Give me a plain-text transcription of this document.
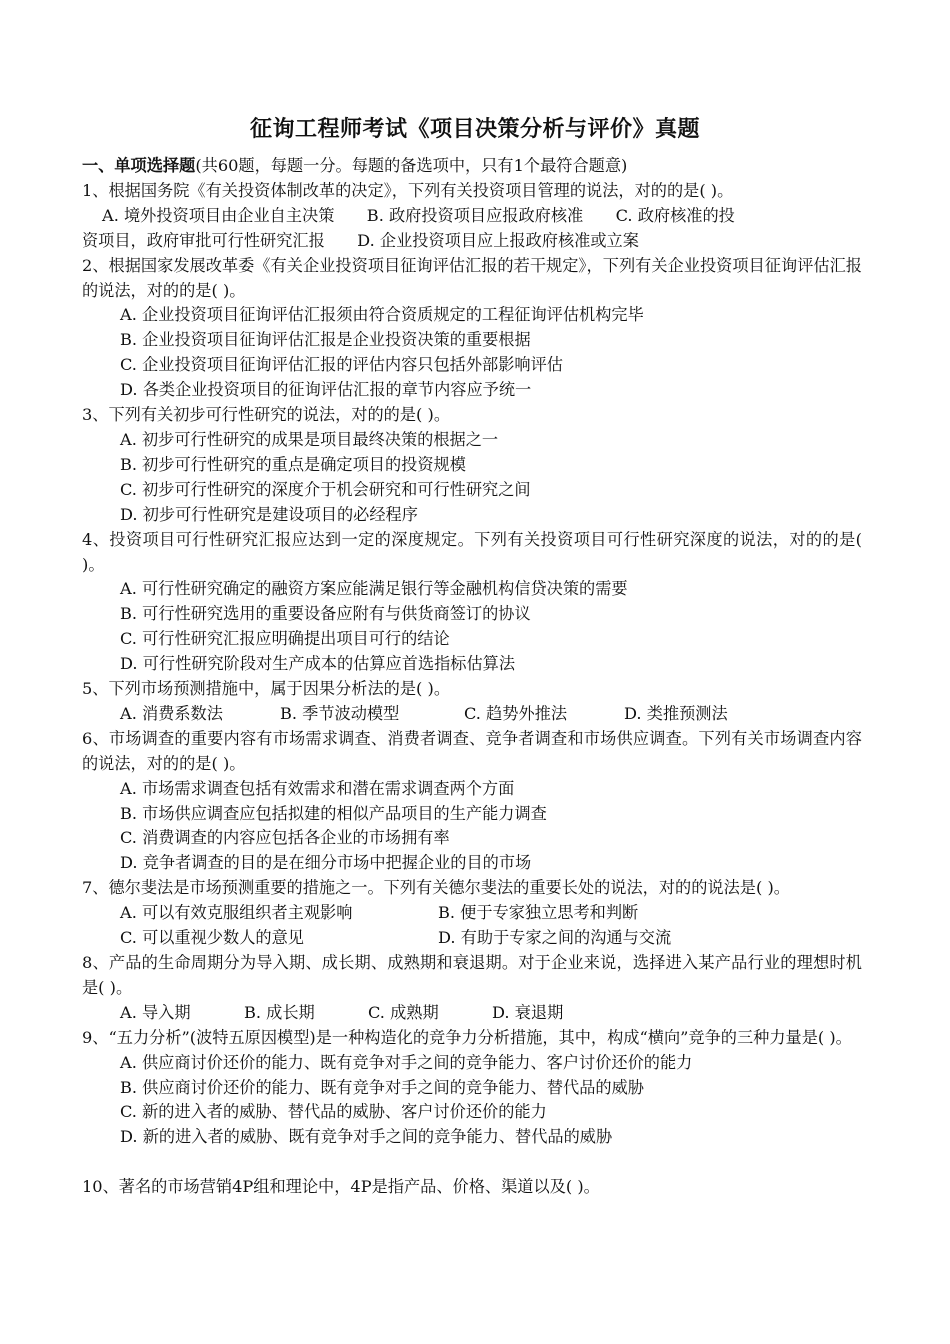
征询工程师考试《项目决策分析与评价》真题
一、单项选择题(共60题，每题一分。每题的备选项中，只有1个最符合题意)
1、根据国务院《有关投资体制改革的决定》，下列有关投资项目管理的说法，对的的是( )。
A. 境外投资项目由企业自主决策　　B. 政府投资项目应报政府核准　　C. 政府核准的投
资项目，政府审批可行性研究汇报　　D. 企业投资项目应上报政府核准或立案
2、根据国家发展改革委《有关企业投资项目征询评估汇报的若干规定》，下列有关企业投资项目征询评估汇报的说法，对的的是( )。
A. 企业投资项目征询评估汇报须由符合资质规定的工程征询评估机构完毕
B. 企业投资项目征询评估汇报是企业投资决策的重要根据
C. 企业投资项目征询评估汇报的评估内容只包括外部影响评估
D. 各类企业投资项目的征询评估汇报的章节内容应予统一
3、下列有关初步可行性研究的说法，对的的是( )。
A. 初步可行性研究的成果是项目最终决策的根据之一
B. 初步可行性研究的重点是确定项目的投资规模
C. 初步可行性研究的深度介于机会研究和可行性研究之间
D. 初步可行性研究是建设项目的必经程序
4、投资项目可行性研究汇报应达到一定的深度规定。下列有关投资项目可行性研究深度的说法，对的的是( )。
A. 可行性研究确定的融资方案应能满足银行等金融机构信贷决策的需要
B. 可行性研究选用的重要设备应附有与供货商签订的协议
C. 可行性研究汇报应明确提出项目可行的结论
D. 可行性研究阶段对生产成本的估算应首选指标估算法
5、下列市场预测措施中，属于因果分析法的是( )。
A. 消费系数法	B. 季节波动模型	C. 趋势外推法	D. 类推预测法
6、市场调查的重要内容有市场需求调查、消费者调查、竞争者调查和市场供应调查。下列有关市场调查内容的说法，对的的是( )。
A. 市场需求调查包括有效需求和潜在需求调查两个方面
B. 市场供应调查应包括拟建的相似产品项目的生产能力调查
C. 消费调查的内容应包括各企业的市场拥有率
D. 竞争者调查的目的是在细分市场中把握企业的目的市场
7、德尔斐法是市场预测重要的措施之一。下列有关德尔斐法的重要长处的说法，对的的说法是( )。
A. 可以有效克服组织者主观影响	B. 便于专家独立思考和判断
C. 可以重视少数人的意见	D. 有助于专家之间的沟通与交流
8、产品的生命周期分为导入期、成长期、成熟期和衰退期。对于企业来说，选择进入某产品行业的理想时机是( )。
A. 导入期	B. 成长期	C. 成熟期	D. 衰退期
9、“五力分析”(波特五原因模型)是一种构造化的竞争力分析措施，其中，构成“横向”竞争的三种力量是( )。
A. 供应商讨价还价的能力、既有竞争对手之间的竞争能力、客户讨价还价的能力
B. 供应商讨价还价的能力、既有竞争对手之间的竞争能力、替代品的威胁
C. 新的进入者的威胁、替代品的威胁、客户讨价还价的能力
D. 新的进入者的威胁、既有竞争对手之间的竞争能力、替代品的威胁
10、著名的市场营销4P组和理论中，4P是指产品、价格、渠道以及( )。
